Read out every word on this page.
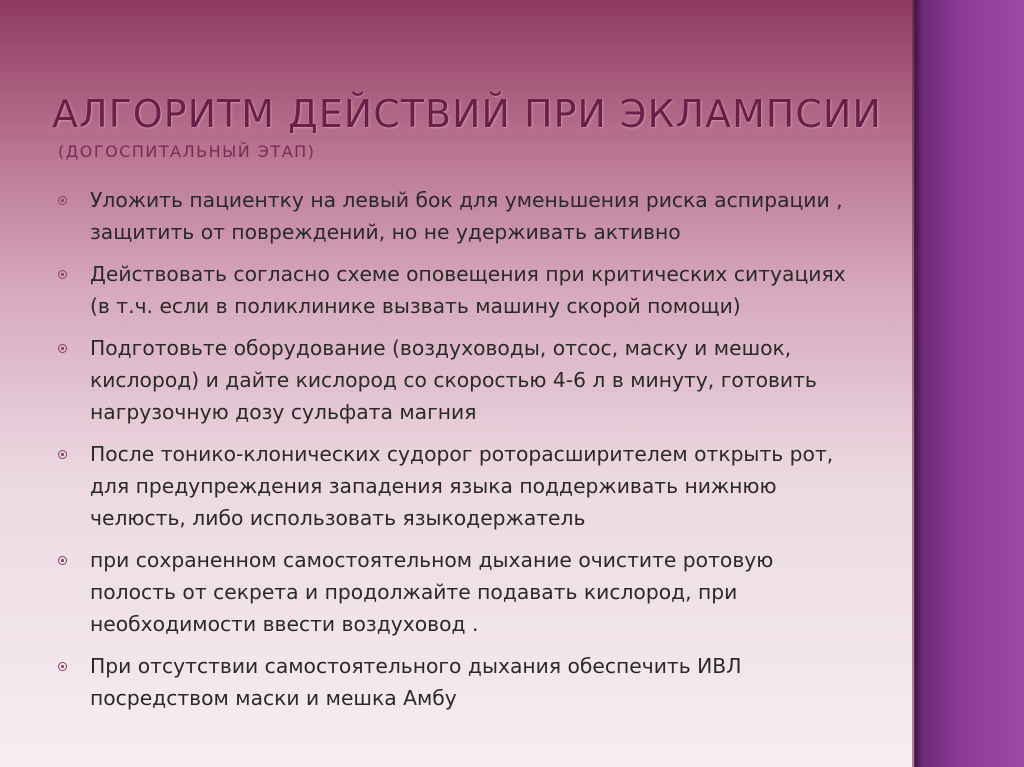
АЛГОРИТМ ДЕЙСТВИЙ ПРИ ЭКЛАМПСИИ
(ДОГОСПИТАЛЬНЫЙ ЭТАП)
Уложить пациентку на левый бок для уменьшения риска аспирации , защитить от повреждений, но не удерживать активно
Действовать согласно схеме оповещения при критических ситуациях (в т.ч. если в поликлинике вызвать машину скорой помощи)
Подготовьте оборудование (воздуховоды, отсос, маску и мешок, кислород) и дайте кислород со скоростью 4-6 л в минуту, готовить нагрузочную дозу сульфата магния
После тонико-клонических судорог роторасширителем открыть рот, для предупреждения западения языка поддерживать нижнюю челюсть, либо использовать языкодержатель
при сохраненном самостоятельном дыхание очистите ротовую полость от секрета и продолжайте подавать кислород, при необходимости ввести воздуховод .
При отсутствии самостоятельного дыхания обеспечить ИВЛ посредством маски и мешка Амбу
